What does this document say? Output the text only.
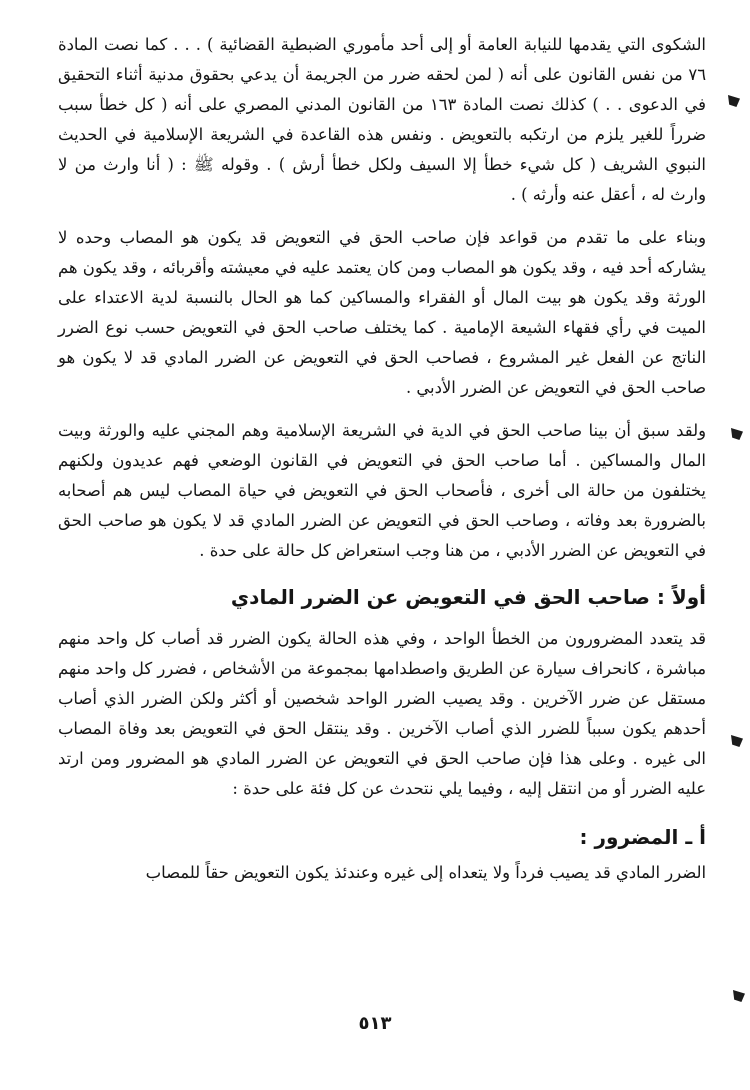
الشكوى التي يقدمها للنيابة العامة أو إلى أحد مأموري الضبطية القضائية ) . . . كما نصت المادة ٧٦ من نفس القانون على أنه ( لمن لحقه ضرر من الجريمة أن يدعي بحقوق مدنية أثناء التحقيق في الدعوى . . ) كذلك نصت المادة ١٦٣ من القانون المدني المصري على أنه ( كل خطأ سبب ضرراً للغير يلزم من ارتكبه بالتعويض . ونفس هذه القاعدة في الشريعة الإسلامية في الحديث النبوي الشريف ( كل شيء خطأ إلا السيف ولكل خطأ أرش ) . وقوله ﷺ : ( أنا وارث من لا وارث له ، أعقل عنه وأرثه ) .

وبناء على ما تقدم من قواعد فإن صاحب الحق في التعويض قد يكون هو المصاب وحده لا يشاركه أحد فيه ، وقد يكون هو المصاب ومن كان يعتمد عليه في معيشته وأقربائه ، وقد يكون هم الورثة وقد يكون هو بيت المال أو الفقراء والمساكين كما هو الحال بالنسبة لدية الاعتداء على الميت في رأي فقهاء الشيعة الإمامية . كما يختلف صاحب الحق في التعويض حسب نوع الضرر الناتج عن الفعل غير المشروع ، فصاحب الحق في التعويض عن الضرر المادي قد لا يكون هو صاحب الحق في التعويض عن الضرر الأدبي .

ولقد سبق أن بينا صاحب الحق في الدية في الشريعة الإسلامية وهم المجني عليه والورثة وبيت المال والمساكين . أما صاحب الحق في التعويض في القانون الوضعي فهم عديدون ولكنهم يختلفون من حالة الى أخرى ، فأصحاب الحق في التعويض في حياة المصاب ليس هم أصحابه بالضرورة بعد وفاته ، وصاحب الحق في التعويض عن الضرر المادي قد لا يكون هو صاحب الحق في التعويض عن الضرر الأدبي ، من هنا وجب استعراض كل حالة على حدة .

أولاً : صاحب الحق في التعويض عن الضرر المادي

قد يتعدد المضرورون من الخطأ الواحد ، وفي هذه الحالة يكون الضرر قد أصاب كل واحد منهم مباشرة ، كانحراف سيارة عن الطريق واصطدامها بمجموعة من الأشخاص ، فضرر كل واحد منهم مستقل عن ضرر الآخرين . وقد يصيب الضرر الواحد شخصين أو أكثر ولكن الضرر الذي أصاب أحدهم يكون سبباً للضرر الذي أصاب الآخرين . وقد ينتقل الحق في التعويض بعد وفاة المصاب الى غيره . وعلى هذا فإن صاحب الحق في التعويض عن الضرر المادي هو المضرور ومن ارتد عليه الضرر أو من انتقل إليه ، وفيما يلي نتحدث عن كل فئة على حدة :

أ ـ المضرور :

الضرر المادي قد يصيب فرداً ولا يتعداه إلى غيره وعندئذ يكون التعويض حقاً للمصاب

٥١٣
